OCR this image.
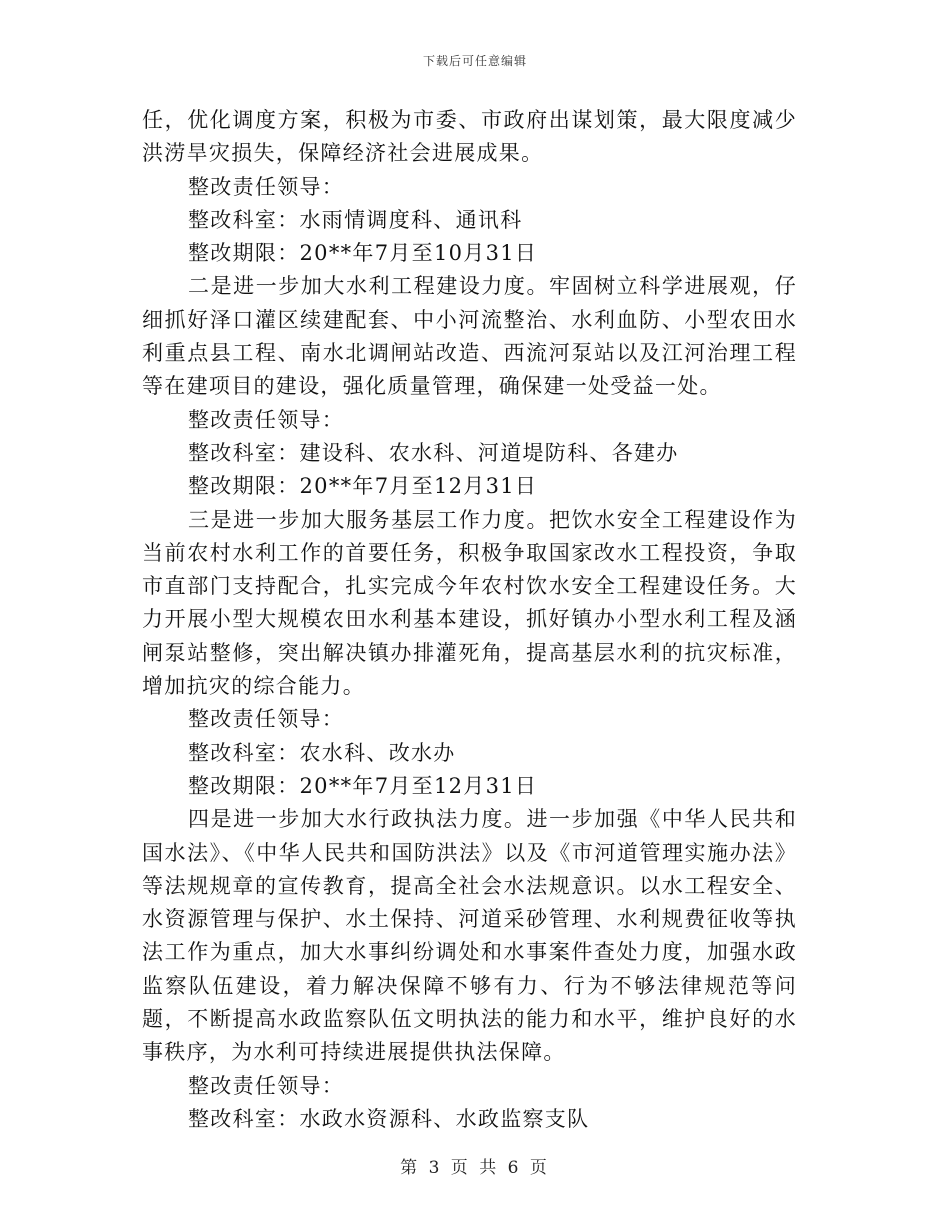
下载后可任意编辑

任，优化调度方案，积极为市委、市政府出谋划策，最大限度减少洪涝旱灾损失，保障经济社会进展成果。

整改责任领导：

整改科室：水雨情调度科、通讯科

整改期限：20**年7月至10月31日

二是进一步加大水利工程建设力度。牢固树立科学进展观，仔细抓好泽口灌区续建配套、中小河流整治、水利血防、小型农田水利重点县工程、南水北调闸站改造、西流河泵站以及江河治理工程等在建项目的建设，强化质量管理，确保建一处受益一处。

整改责任领导：

整改科室：建设科、农水科、河道堤防科、各建办

整改期限：20**年7月至12月31日

三是进一步加大服务基层工作力度。把饮水安全工程建设作为当前农村水利工作的首要任务，积极争取国家改水工程投资，争取市直部门支持配合，扎实完成今年农村饮水安全工程建设任务。大力开展小型大规模农田水利基本建设，抓好镇办小型水利工程及涵闸泵站整修，突出解决镇办排灌死角，提高基层水利的抗灾标准，增加抗灾的综合能力。

整改责任领导：

整改科室：农水科、改水办

整改期限：20**年7月至12月31日

四是进一步加大水行政执法力度。进一步加强《中华人民共和国水法》、《中华人民共和国防洪法》以及《市河道管理实施办法》等法规规章的宣传教育，提高全社会水法规意识。以水工程安全、水资源管理与保护、水土保持、河道采砂管理、水利规费征收等执法工作为重点，加大水事纠纷调处和水事案件查处力度，加强水政监察队伍建设，着力解决保障不够有力、行为不够法律规范等问题，不断提高水政监察队伍文明执法的能力和水平，维护良好的水事秩序，为水利可持续进展提供执法保障。

整改责任领导：

整改科室：水政水资源科、水政监察支队

第 3 页 共 6 页
